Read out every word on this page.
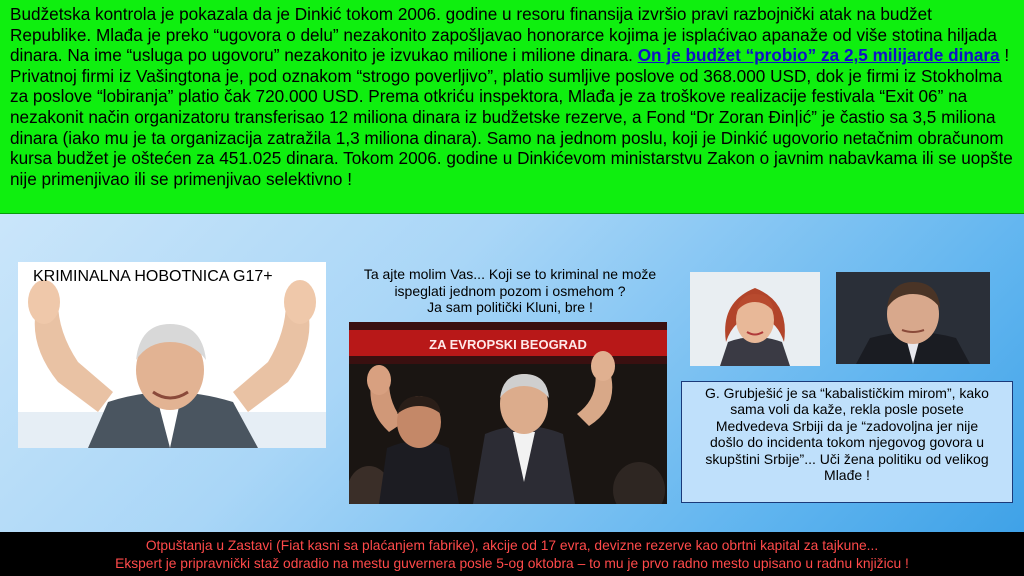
Budžetska kontrola je pokazala da je Dinkić tokom 2006. godine u resoru finansija izvršio pravi razbojnički atak na budžet Republike. Mlađa je preko “ugovora o delu” nezakonito zapošljavao honorarce kojima je isplaćivao apanaže od više stotina hiljada dinara. Na ime “usluga po ugovoru” nezakonito je izvukao milione i milione dinara. On je budžet “probio” za 2,5 milijarde dinara ! Privatnoj firmi iz Vašingtona je, pod oznakom “strogo poverljivo”, platio sumljive poslove od 368.000 USD, dok je firmi iz Stokholma za poslove “lobiranja” platio čak 720.000 USD. Prema otkriću inspektora, Mlađa je za troškove realizacije festivala “Exit 06” na nezakonit način organizatoru transferisao 12 miliona dinara iz budžetske rezerve, a Fond “Dr Zoran Đin|ić” je častio sa 3,5 miliona dinara (iako mu je ta organizacija zatražila 1,3 miliona dinara). Samo na jednom poslu, koji je Dinkić ugovorio netačnim obračunom kursa budžet je oštećen za 451.025 dinara. Tokom 2006. godine u Dinkićevom ministarstvu Zakon o javnim nabavkama ili se uopšte nije primenjivao ili se primenjivao selektivno !
KRIMINALNA HOBOTNICA G17+	Ta ajte molim Vas... Koji se to kriminal ne može ispeglati jednom pozom i osmehom ?
Ja sam politički Kluni, bre !
ZA EVROPSKI BEOGRAD
G. Grubješić je sa “kabalističkim mirom”, kako sama voli da kaže, rekla posle posete Medvedeva Srbiji da je “zadovoljna jer nije došlo do incidenta tokom njegovog govora u skupštini Srbije”... Uči žena politiku od velikog Mlađe !
Otpuštanja u Zastavi (Fiat kasni sa plaćanjem fabrike), akcije od 17 evra, devizne rezerve kao obrtni kapital za tajkune...
Ekspert je pripravnički staž odradio na mestu guvernera posle 5-og oktobra – to mu je prvo radno mesto upisano u radnu knjižicu !
